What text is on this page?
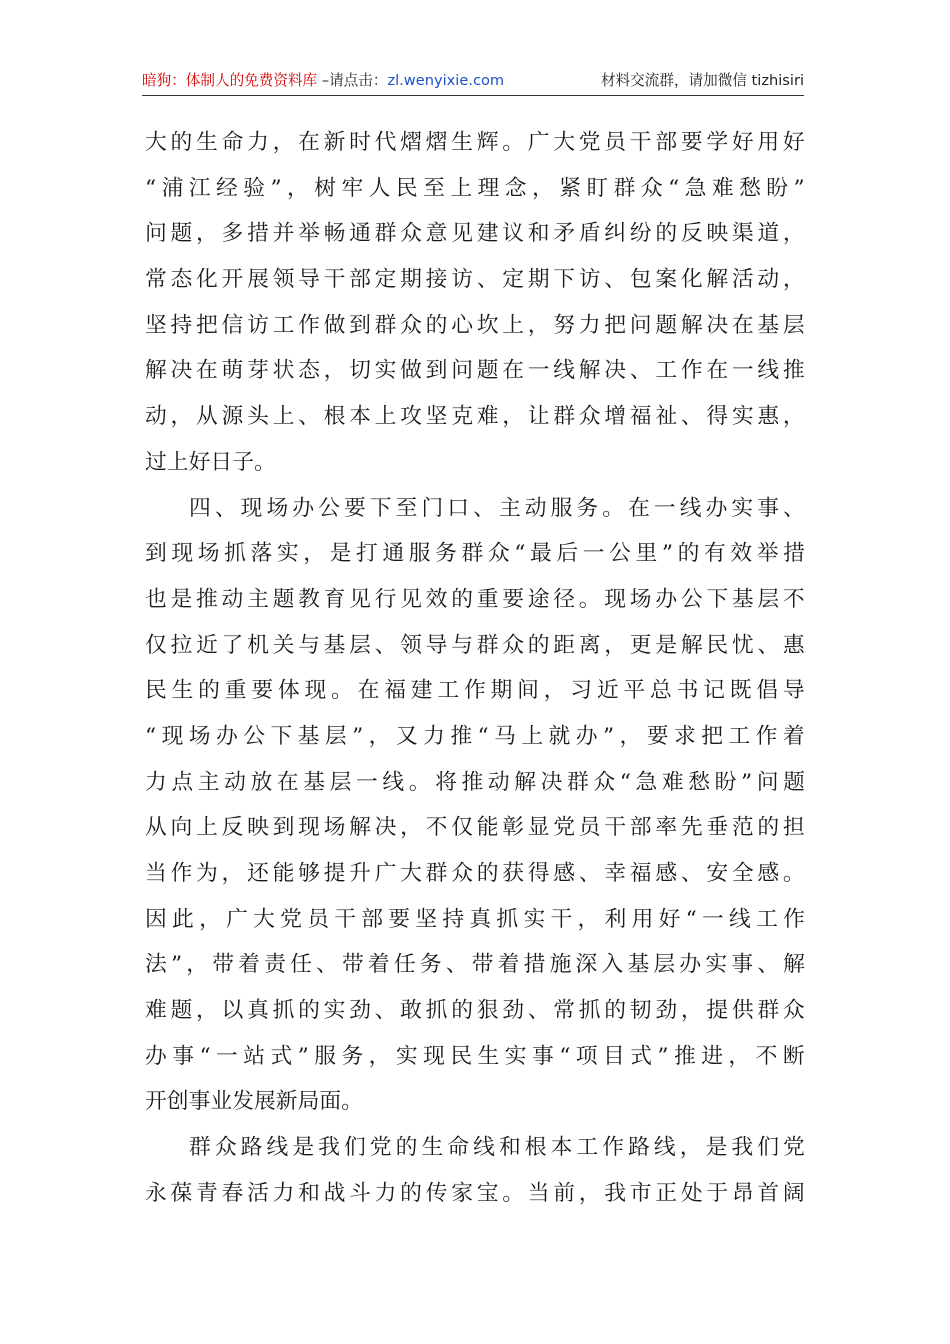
暗狗：体制人的免费资料库 –请点击：zl.wenyixie.com	材料交流群，请加微信 tizhisiri
大 的 生 命 力 ， 在 新 时 代 熠 熠 生 辉 。 广 大 党 员 干 部 要 学 好 用 好
“ 浦 江 经 验 ” ， 树 牢 人 民 至 上 理 念 ， 紧 盯 群 众 “ 急 难 愁 盼 ”
问 题 ， 多 措 并 举 畅 通 群 众 意 见 建 议 和 矛 盾 纠 纷 的 反 映 渠 道 ，
常 态 化 开 展 领 导 干 部 定 期 接 访 、 定 期 下 访 、 包 案 化 解 活 动 ，
坚 持 把 信 访 工 作 做 到 群 众 的 心 坎 上 ， 努 力 把 问 题 解 决 在 基 层
解 决 在 萌 芽 状 态 ， 切 实 做 到 问 题 在 一 线 解 决 、 工 作 在 一 线 推
动 ， 从 源 头 上 、 根 本 上 攻 坚 克 难 ， 让 群 众 增 福 祉 、 得 实 惠 ，
过上好日子。
四 、 现 场 办 公 要 下 至 门 口 、 主 动 服 务 。 在 一 线 办 实 事 、
到 现 场 抓 落 实 ， 是 打 通 服 务 群 众 “ 最 后 一 公 里 ” 的 有 效 举 措
也 是 推 动 主 题 教 育 见 行 见 效 的 重 要 途 径 。 现 场 办 公 下 基 层 不
仅 拉 近 了 机 关 与 基 层 、 领 导 与 群 众 的 距 离 ， 更 是 解 民 忧 、 惠
民 生 的 重 要 体 现 。 在 福 建 工 作 期 间 ， 习 近 平 总 书 记 既 倡 导
“ 现 场 办 公 下 基 层 ” ， 又 力 推 “ 马 上 就 办 ” ， 要 求 把 工 作 着
力 点 主 动 放 在 基 层 一 线 。 将 推 动 解 决 群 众 “ 急 难 愁 盼 ” 问 题
从 向 上 反 映 到 现 场 解 决 ， 不 仅 能 彰 显 党 员 干 部 率 先 垂 范 的 担
当 作 为 ， 还 能 够 提 升 广 大 群 众 的 获 得 感 、 幸 福 感 、 安 全 感 。
因 此 ， 广 大 党 员 干 部 要 坚 持 真 抓 实 干 ， 利 用 好 “ 一 线 工 作
法 ” ， 带 着 责 任 、 带 着 任 务 、 带 着 措 施 深 入 基 层 办 实 事 、 解
难 题 ， 以 真 抓 的 实 劲 、 敢 抓 的 狠 劲 、 常 抓 的 韧 劲 ， 提 供 群 众
办 事 “ 一 站 式 ” 服 务 ， 实 现 民 生 实 事 “ 项 目 式 ” 推 进 ， 不 断
开创事业发展新局面。
群 众 路 线 是 我 们 党 的 生 命 线 和 根 本 工 作 路 线 ， 是 我 们 党
永 葆 青 春 活 力 和 战 斗 力 的 传 家 宝 。 当 前 ， 我 市 正 处 于 昂 首 阔
